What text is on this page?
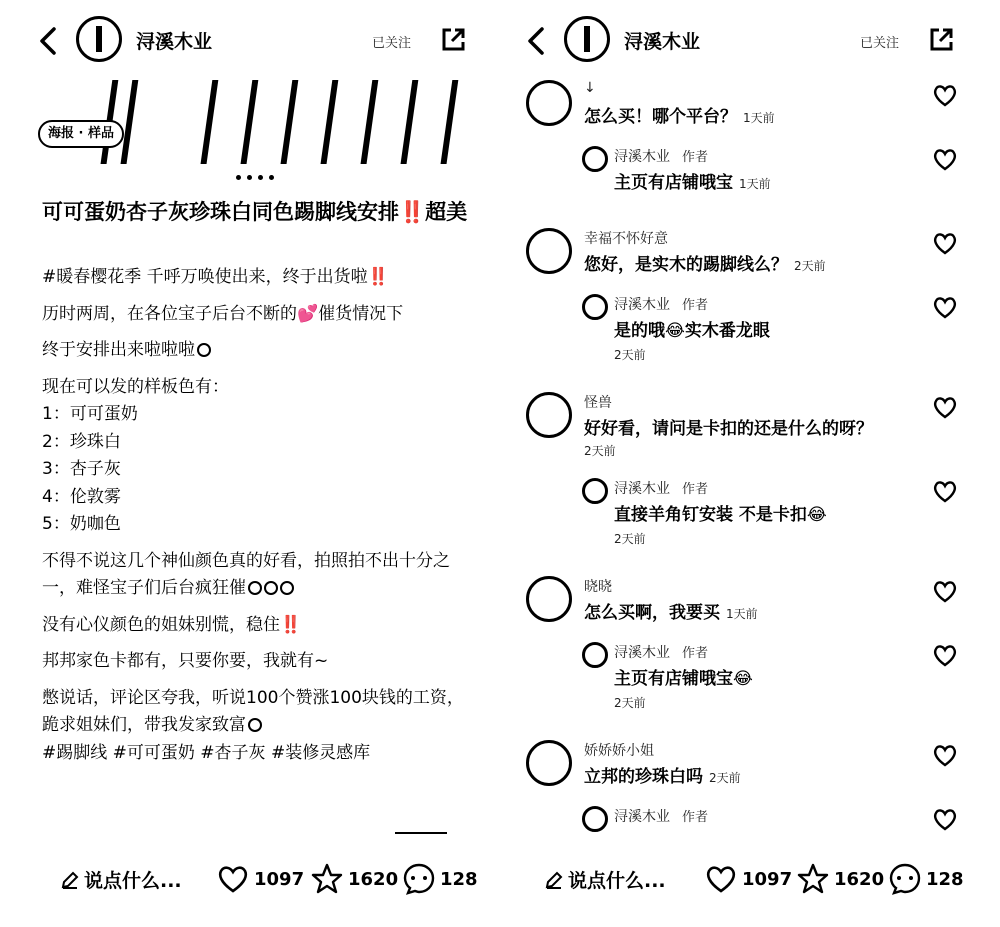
浔溪木业	已关注
海报 · 样品
可可蛋奶杏子灰珍珠白同色踢脚线安排‼️超美

#暖春樱花季 千呼万唤使出来，终于出货啦‼️

历时两周，在各位宝子后台不断的💕催货情况下

终于安排出来啦啦啦

现在可以发的样板色有：

1：可可蛋奶

2：珍珠白

3：杏子灰

4：伦敦雾

5：奶咖色

不得不说这几个神仙颜色真的好看，拍照拍不出十分之一，难怪宝子们后台疯狂催

没有心仪颜色的姐妹别慌，稳住‼️

邦邦家色卡都有，只要你要，我就有~

憋说话，评论区夸我，听说100个赞涨100块钱的工资，跪求姐妹们，带我发家致富

#踢脚线 #可可蛋奶 #杏子灰 #装修灵感库

说点什么...	1097 1620 128
浔溪木业	已关注
↓
怎么买！哪个平台？ 1天前
浔溪木业 作者
主页有店铺哦宝 1天前
幸福不怀好意
您好，是实木的踢脚线么？ 2天前
浔溪木业 作者
是的哦😂实木番龙眼
2天前
怪兽
好好看，请问是卡扣的还是什么的呀？
2天前
浔溪木业 作者
直接羊角钉安装 不是卡扣😂
2天前
晓晓
怎么买啊，我要买 1天前
浔溪木业 作者
主页有店铺哦宝😂
2天前
娇娇娇小姐
立邦的珍珠白吗 2天前
浔溪木业 作者
说点什么...	1097 1620 128
